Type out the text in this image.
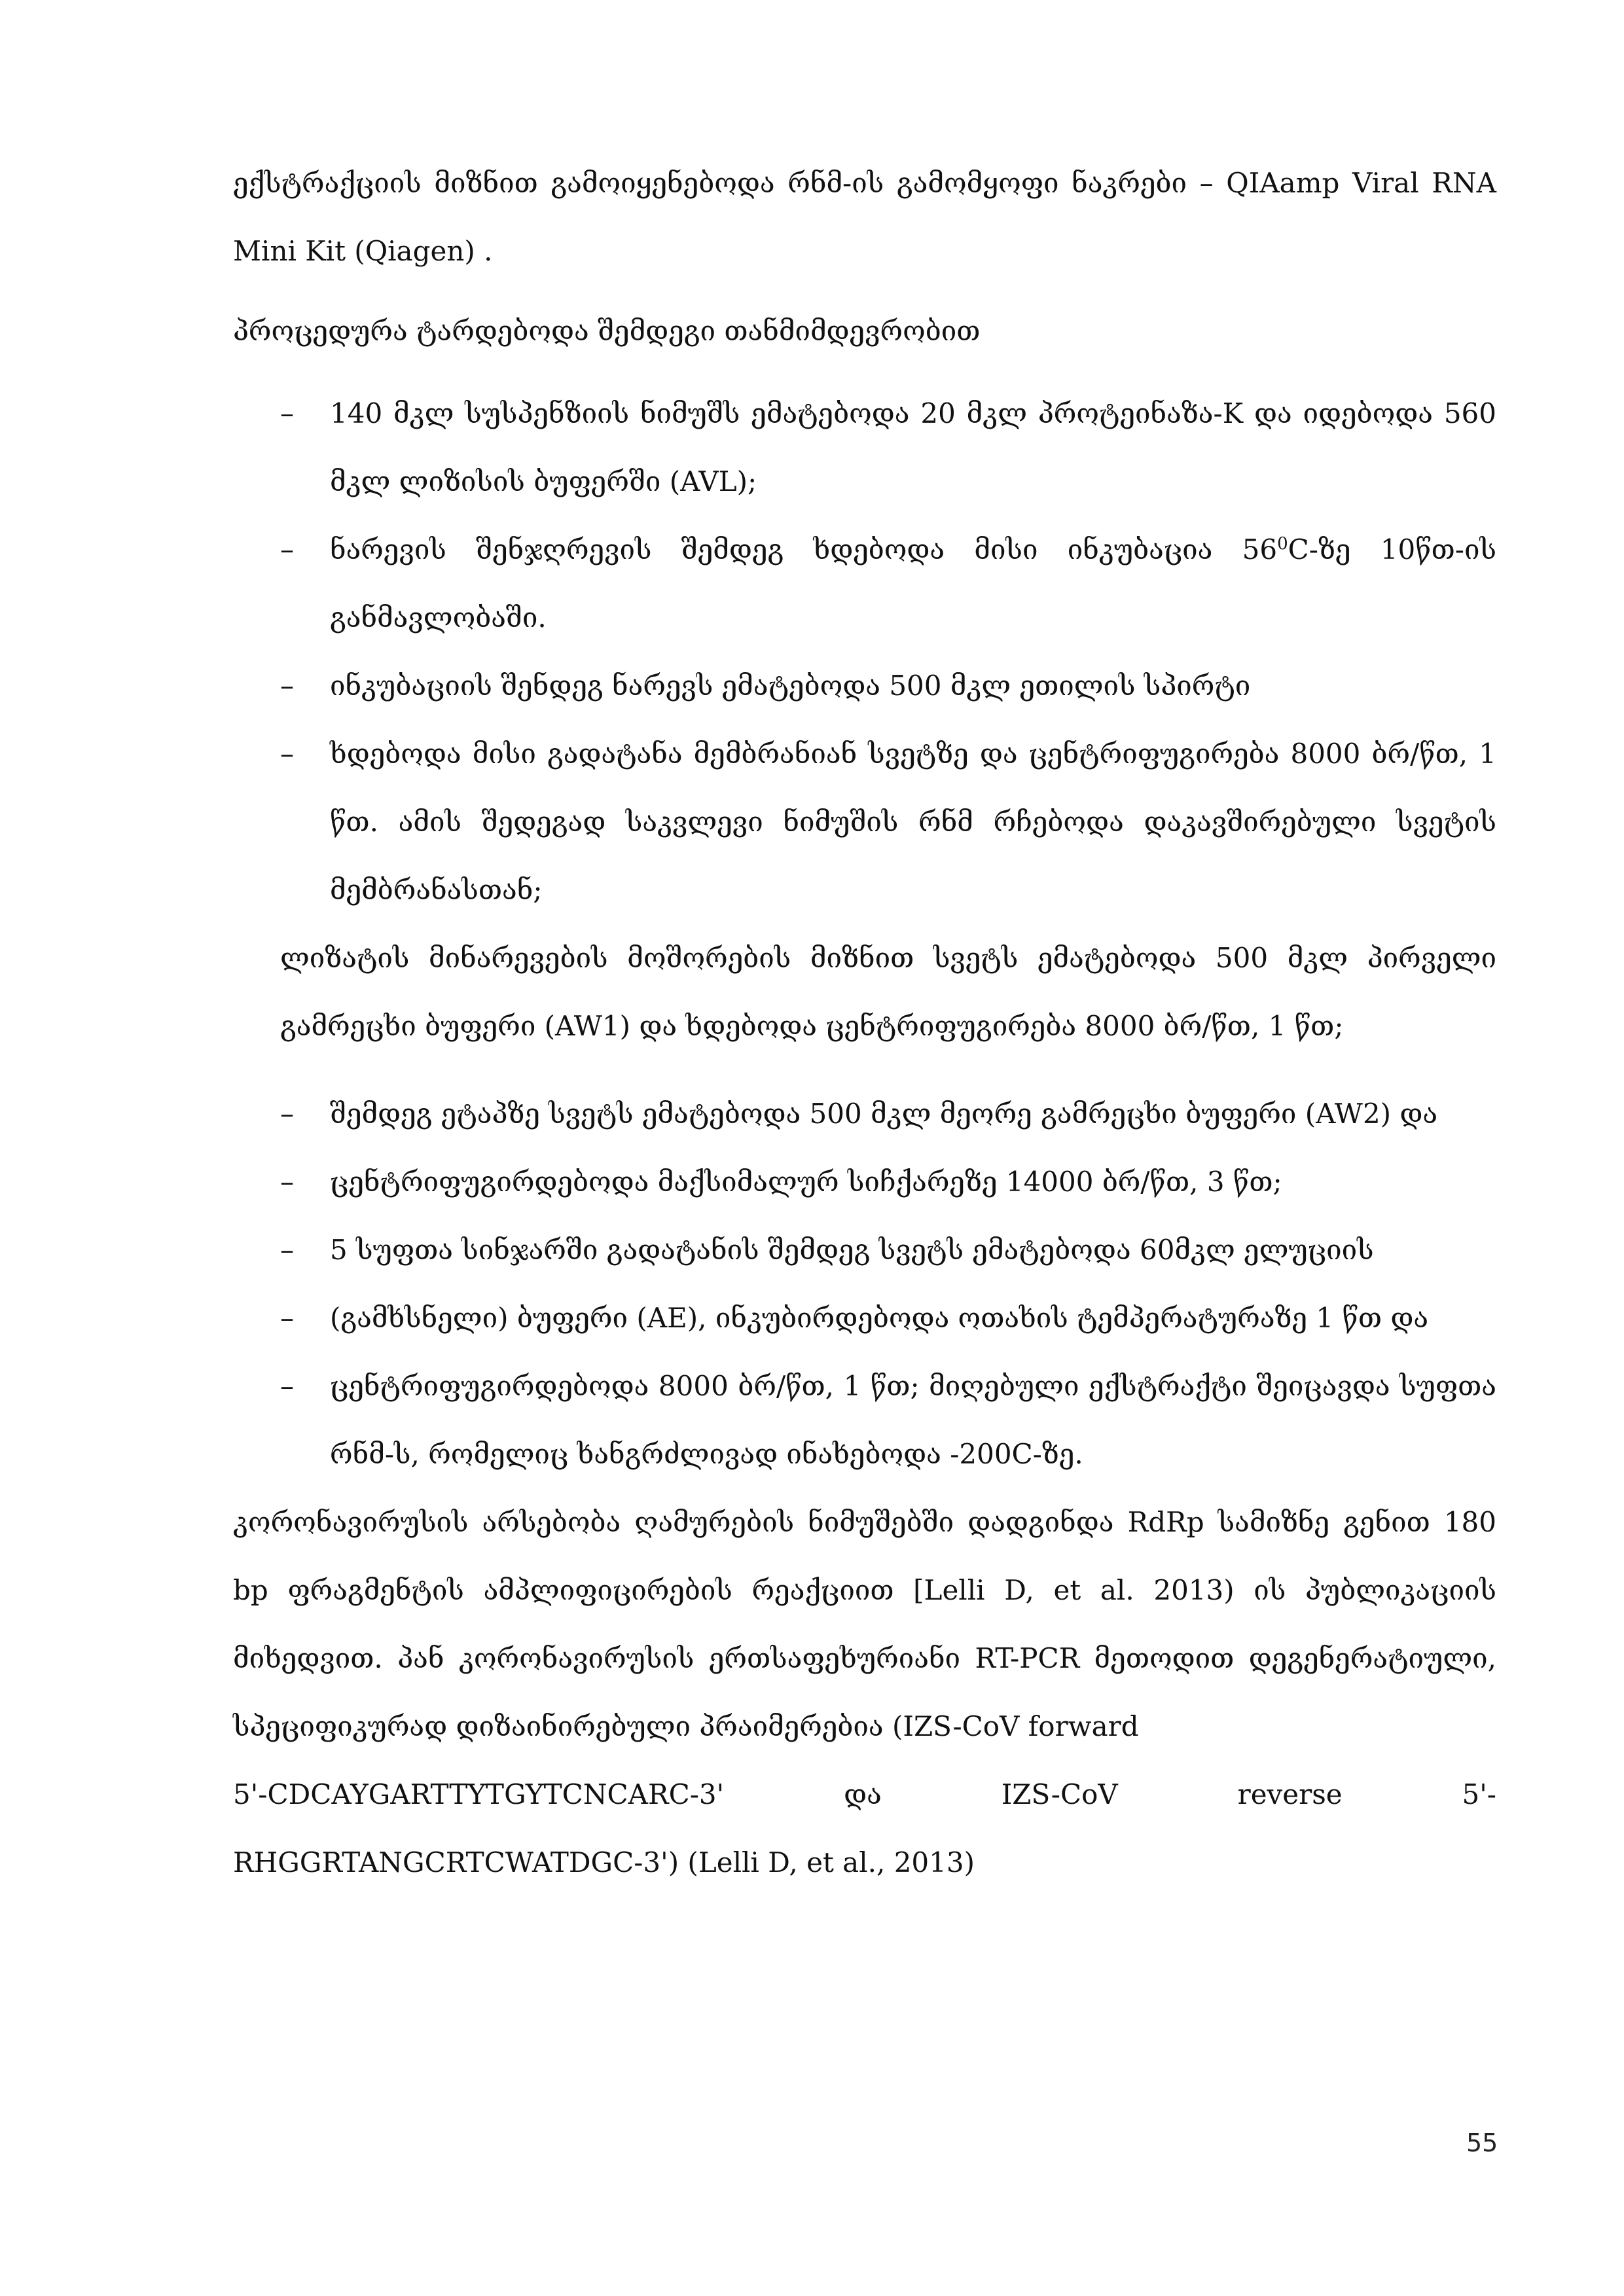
ექსტრაქციის მიზნით გამოიყენებოდა რნმ-ის გამომყოფი ნაკრები – QIAamp Viral RNA Mini Kit (Qiagen) .

პროცედურა ტარდებოდა შემდეგი თანმიმდევრობით

– 140 მკლ სუსპენზიის ნიმუშს ემატებოდა 20 მკლ პროტეინაზა-K და იდებოდა 560 მკლ ლიზისის ბუფერში (AVL);
– ნარევის შენჯღრევის შემდეგ ხდებოდა მისი ინკუბაცია $56^0C-ზე$ 10წთ-ის განმავლობაში.
– ინკუბაციის შენდეგ ნარევს ემატებოდა 500 მკლ ეთილის სპირტი
– ხდებოდა მისი გადატანა მემბრანიან სვეტზე და ცენტრიფუგირება 8000 ბრ/წთ, 1 წთ. ამის შედეგად საკვლევი ნიმუშის რნმ რჩებოდა დაკავშირებული სვეტის მემბრანასთან;

ლიზატის მინარევების მოშორების მიზნით სვეტს ემატებოდა 500 მკლ პირველი გამრეცხი ბუფერი (AW1) და ხდებოდა ცენტრიფუგირება 8000 ბრ/წთ, 1 წთ;

– შემდეგ ეტაპზე სვეტს ემატებოდა 500 მკლ მეორე გამრეცხი ბუფერი (AW2) და
– ცენტრიფუგირდებოდა მაქსიმალურ სიჩქარეზე 14000 ბრ/წთ, 3 წთ;
– 5 სუფთა სინჯარში გადატანის შემდეგ სვეტს ემატებოდა 60მკლ ელუციის
– (გამხსნელი) ბუფერი (AE), ინკუბირდებოდა ოთახის ტემპერატურაზე 1 წთ და
– ცენტრიფუგირდებოდა 8000 ბრ/წთ, 1 წთ; მიღებული ექსტრაქტი შეიცავდა სუფთა რნმ-ს, რომელიც ხანგრძლივად ინახებოდა -200C-ზე.

კორონავირუსის არსებობა ღამურების ნიმუშებში დადგინდა RdRp სამიზნე გენით 180 bp ფრაგმენტის ამპლიფიცირების რეაქციით [Lelli D, et al. 2013) ის პუბლიკაციის მიხედვით. პან კორონავირუსის ერთსაფეხურიანი RT-PCR მეთოდით დეგენერატიული, სპეციფიკურად დიზაინირებული პრაიმერებია (IZS-CoV forward

5'-CDCAYGARTTYTGYTCNCARC-3'	და	IZS-CoV	reverse	5'-

RHGGRTANGCRTCWATDGC-3') (Lelli D, et al., 2013)

55
